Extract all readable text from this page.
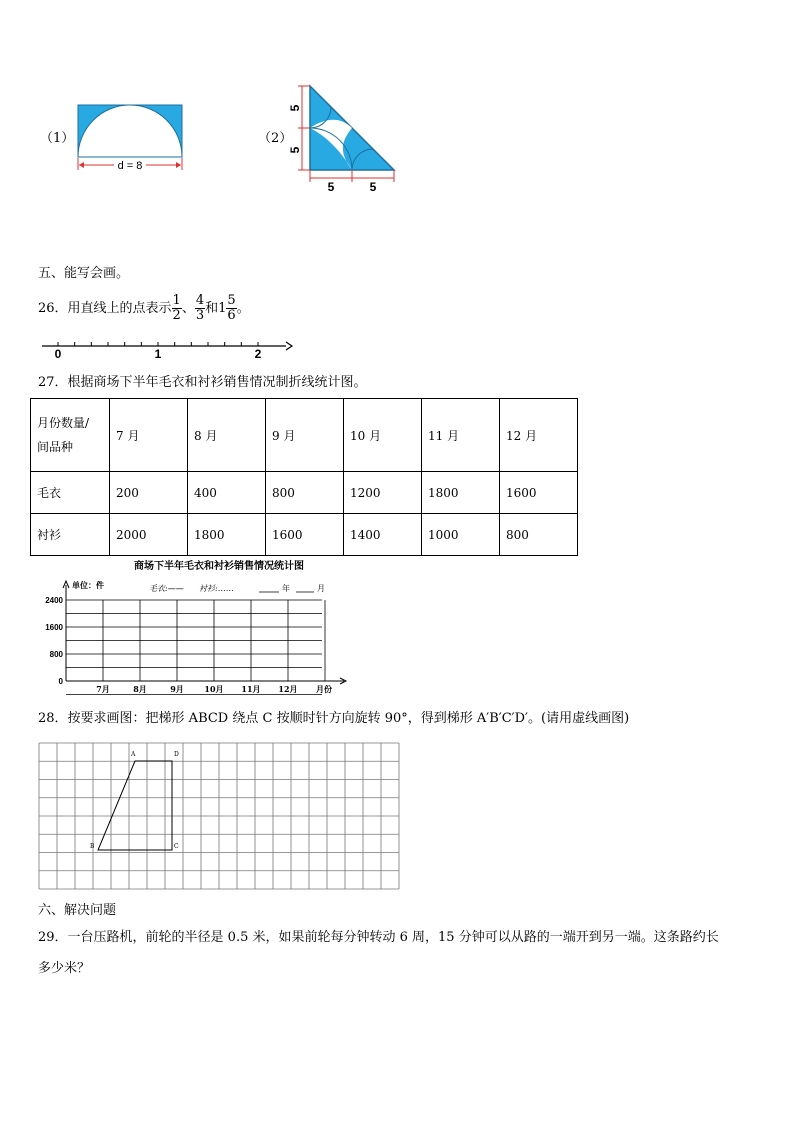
（1）
d = 8
（2）
5
5
5	5
五、能写会画。
26．用直线上的点表示 $\frac{1}{2}$ 、 $\frac{4}{3}$ 和$1 \frac{5}{6}$ 。
0	1	2
27．根据商场下半年毛衣和衬衫销售情况制折线统计图。
月份数量/
间品种	7 月	8 月	9 月	10 月	11 月	12 月
毛衣	200	400	800	1200	1800	1600
衬衫	2000	1800	1600	1400	1000	800
商场下半年毛衣和衬衫销售情况统计图
单位：件	毛衣:—— 衬衫:……	年	月
2400
1600
800
0
7月	8月	9月	10月 11月 12月 月份
28．按要求画图：把梯形 ABCD 绕点 C 按顺时针方向旋转 90°，得到梯形 A′B′C′D′。(请用虚线画图)
A	D
B	C
六、解决问题
29．一台压路机，前轮的半径是 0.5 米，如果前轮每分钟转动 6 周，15 分钟可以从路的一端开到另一端。这条路约长
多少米？
